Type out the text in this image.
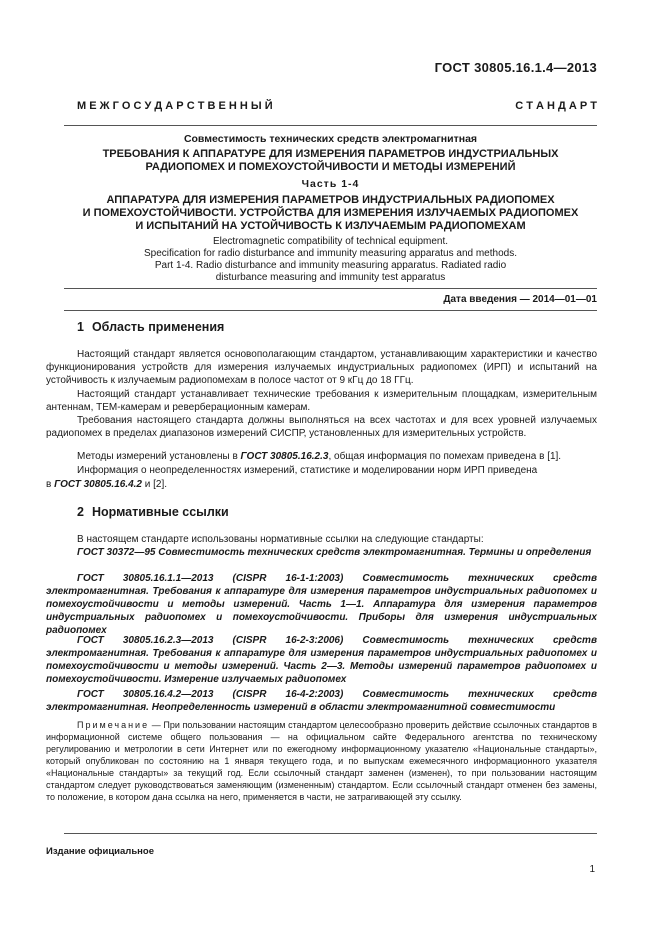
ГОСТ 30805.16.1.4—2013
М Е Ж Г О С У Д А Р С Т В Е Н Н Ы Й	С Т А Н Д А Р Т
Совместимость технических средств электромагнитная
ТРЕБОВАНИЯ К АППАРАТУРЕ ДЛЯ ИЗМЕРЕНИЯ ПАРАМЕТРОВ ИНДУСТРИАЛЬНЫХ
РАДИОПОМЕХ И ПОМЕХОУСТОЙЧИВОСТИ И МЕТОДЫ ИЗМЕРЕНИЙ
Часть 1-4
АППАРАТУРА ДЛЯ ИЗМЕРЕНИЯ ПАРАМЕТРОВ ИНДУСТРИАЛЬНЫХ РАДИОПОМЕХ
И ПОМЕХОУСТОЙЧИВОСТИ. УСТРОЙСТВА ДЛЯ ИЗМЕРЕНИЯ ИЗЛУЧАЕМЫХ РАДИОПОМЕХ
И ИСПЫТАНИЙ НА УСТОЙЧИВОСТЬ К ИЗЛУЧАЕМЫМ РАДИОПОМЕХАМ
Electromagnetic compatibility of technical equipment.
Specification for radio disturbance and immunity measuring apparatus and methods.
Part 1-4. Radio disturbance and immunity measuring apparatus. Radiated radio
disturbance measuring and immunity test apparatus
Дата введения — 2014—01—01
1 Область применения
Настоящий стандарт является основополагающим стандартом, устанавливающим характеристики и качество функционирования устройств для измерения излучаемых индустриальных радиопомех (ИРП) и испытаний на устойчивость к излучаемым радиопомехам в полосе частот от 9 кГц до 18 ГГц.
Настоящий стандарт устанавливает технические требования к измерительным площадкам, измерительным антеннам, ТЕМ-камерам и реверберационным камерам.
Требования настоящего стандарта должны выполняться на всех частотах и для всех уровней излучаемых радиопомех в пределах диапазонов измерений СИСПР, установленных для измерительных устройств.
Методы измерений установлены в ГОСТ 30805.16.2.3, общая информация по помехам приведена в [1].
Информация о неопределенностях измерений, статистике и моделировании норм ИРП приведена
в ГОСТ 30805.16.4.2 и [2].
2 Нормативные ссылки
В настоящем стандарте использованы нормативные ссылки на следующие стандарты:
ГОСТ 30372—95 Совместимость технических средств электромагнитная. Термины и определения
ГОСТ 30805.16.1.1—2013 (CISPR 16-1-1:2003) Совместимость технических средств электромагнитная. Требования к аппаратуре для измерения параметров индустриальных радиопомех и помехоустойчивости и методы измерений. Часть 1—1. Аппаратура для измерения параметров индустриальных радиопомех и помехоустойчивости. Приборы для измерения индустриальных радиопомех
ГОСТ 30805.16.2.3—2013 (CISPR 16-2-3:2006) Совместимость технических средств электромагнитная. Требования к аппаратуре для измерения параметров индустриальных радиопомех и помехоустойчивости и методы измерений. Часть 2—3. Методы измерений параметров радиопомех и помехоустойчивости. Измерение излучаемых радиопомех
ГОСТ 30805.16.4.2—2013 (CISPR 16-4-2:2003) Совместимость технических средств электромагнитная. Неопределенность измерений в области электромагнитной совместимости
Примечание — При пользовании настоящим стандартом целесообразно проверить действие ссылочных стандартов в информационной системе общего пользования — на официальном сайте Федерального агентства по техническому регулированию и метрологии в сети Интернет или по ежегодному информационному указателю «Национальные стандарты», который опубликован по состоянию на 1 января текущего года, и по выпускам ежемесячного информационного указателя «Национальные стандарты» за текущий год. Если ссылочный стандарт заменен (изменен), то при пользовании настоящим стандартом следует руководствоваться заменяющим (измененным) стандартом. Если ссылочный стандарт отменен без замены, то положение, в котором дана ссылка на него, применяется в части, не затрагивающей эту ссылку.
Издание официальное
1
